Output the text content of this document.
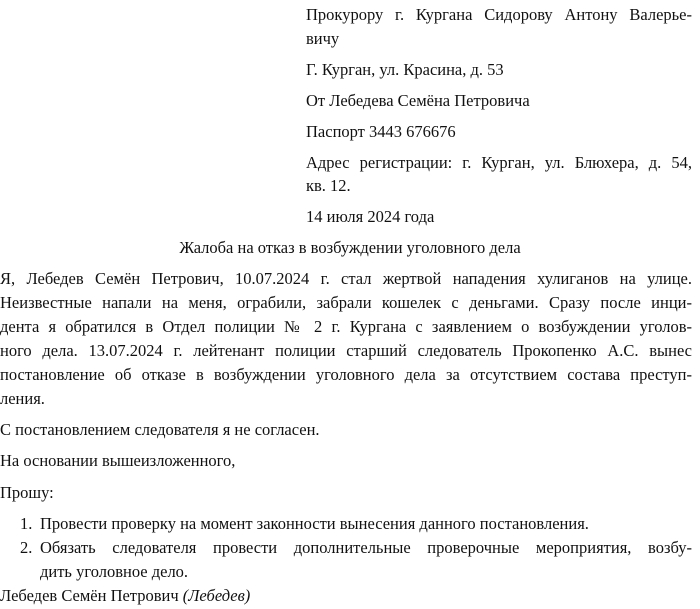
Прокурору г. Кургана Сидорову Антону Валерье-
вичу
Г. Курган, ул. Красина, д. 53
От Лебедева Семёна Петровича
Паспорт 3443 676676
Адрес регистрации: г. Курган, ул. Блюхера, д. 54,
кв. 12.
14 июля 2024 года
Жалоба на отказ в возбуждении уголовного дела
Я, Лебедев Семён Петрович, 10.07.2024 г. стал жертвой нападения хулиганов на улице.
Неизвестные напали на меня, ограбили, забрали кошелек с деньгами. Сразу после инци-
дента я обратился в Отдел полиции № 2 г. Кургана с заявлением о возбуждении уголов-
ного дела. 13.07.2024 г. лейтенант полиции старший следователь Прокопенко А.С. вынес
постановление об отказе в возбуждении уголовного дела за отсутствием состава преступ-
ления.
С постановлением следователя я не согласен.
На основании вышеизложенного,
Прошу:
1. Провести проверку на момент законности вынесения данного постановления.
2. Обязать следователя провести дополнительные проверочные мероприятия, возбу-
дить уголовное дело.
Лебедев Семён Петрович (Лебедев)
